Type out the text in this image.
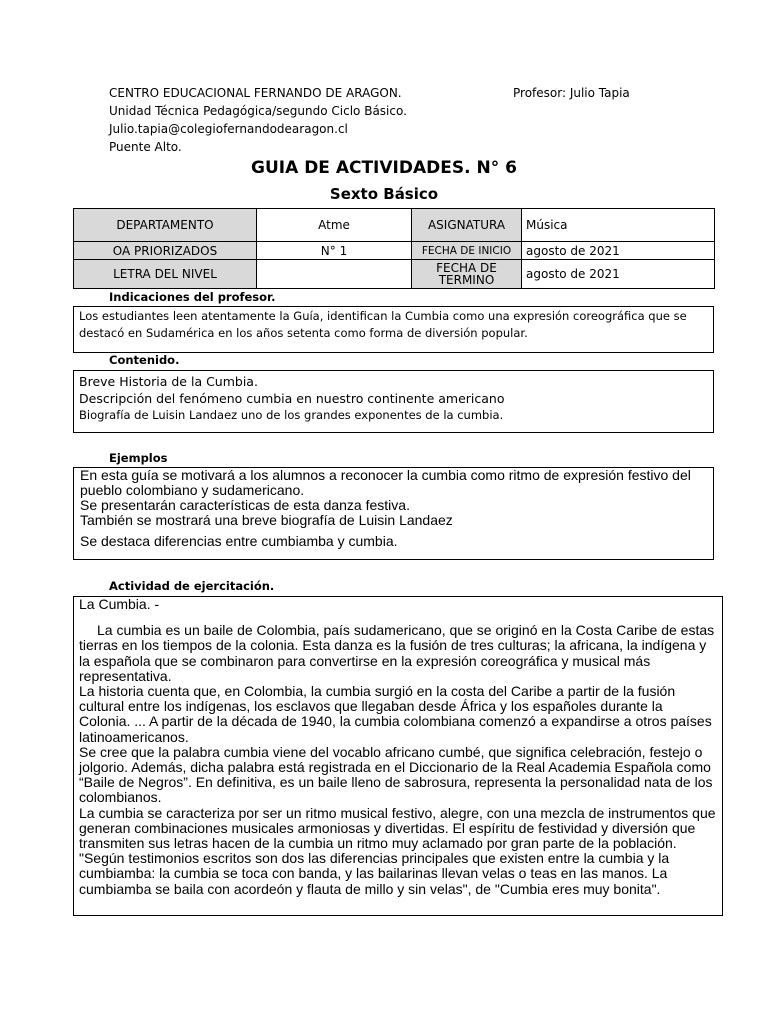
CENTRO EDUCACIONAL FERNANDO DE ARAGON.	Profesor: Julio Tapia
Unidad Técnica Pedagógica/segundo Ciclo Básico.
Julio.tapia@colegiofernandodearagon.cl
Puente Alto.
GUIA DE ACTIVIDADES. N° 6
Sexto Básico
DEPARTAMENTO	Atme	ASIGNATURA	Música
OA PRIORIZADOS	N° 1	FECHA DE INICIO	agosto de 2021
LETRA DEL NIVEL		FECHA DE TERMINO	agosto de 2021
Indicaciones del profesor.

Los estudiantes leen atentamente la Guía, identifican la Cumbia como una expresión coreográfica que se destacó en Sudamérica en los años setenta como forma de diversión popular.

Contenido.

Breve Historia de la Cumbia.

Descripción del fenómeno cumbia en nuestro continente americano

Biografía de Luisin Landaez uno de los grandes exponentes de la cumbia.

Ejemplos

En esta guía se motivará a los alumnos a reconocer la cumbia como ritmo de expresión festivo del pueblo colombiano y sudamericano.

Se presentarán características de esta danza festiva.

También se mostrará una breve biografía de Luisin Landaez

Se destaca diferencias entre cumbiamba y cumbia.

Actividad de ejercitación.

La Cumbia. -

La cumbia es un baile de Colombia, país sudamericano, que se originó en la Costa Caribe de estas tierras en los tiempos de la colonia. Esta danza es la fusión de tres culturas; la africana, la indígena y la española que se combinaron para convertirse en la expresión coreográfica y musical más representativa.

La historia cuenta que, en Colombia, la cumbia surgió en la costa del Caribe a partir de la fusión cultural entre los indígenas, los esclavos que llegaban desde África y los españoles durante la Colonia. ... A partir de la década de 1940, la cumbia colombiana comenzó a expandirse a otros países latinoamericanos.

Se cree que la palabra cumbia viene del vocablo africano cumbé, que significa celebración, festejo o jolgorio. Además, dicha palabra está registrada en el Diccionario de la Real Academia Española como “Baile de Negros”. En definitiva, es un baile lleno de sabrosura, representa la personalidad nata de los colombianos.

La cumbia se caracteriza por ser un ritmo musical festivo, alegre, con una mezcla de instrumentos que generan combinaciones musicales armoniosas y divertidas. El espíritu de festividad y diversión que transmiten sus letras hacen de la cumbia un ritmo muy aclamado por gran parte de la población.

"Según testimonios escritos son dos las diferencias principales que existen entre la cumbia y la cumbiamba: la cumbia se toca con banda, y las bailarinas llevan velas o teas en las manos. La cumbiamba se baila con acordeón y flauta de millo y sin velas", de "Cumbia eres muy bonita".
